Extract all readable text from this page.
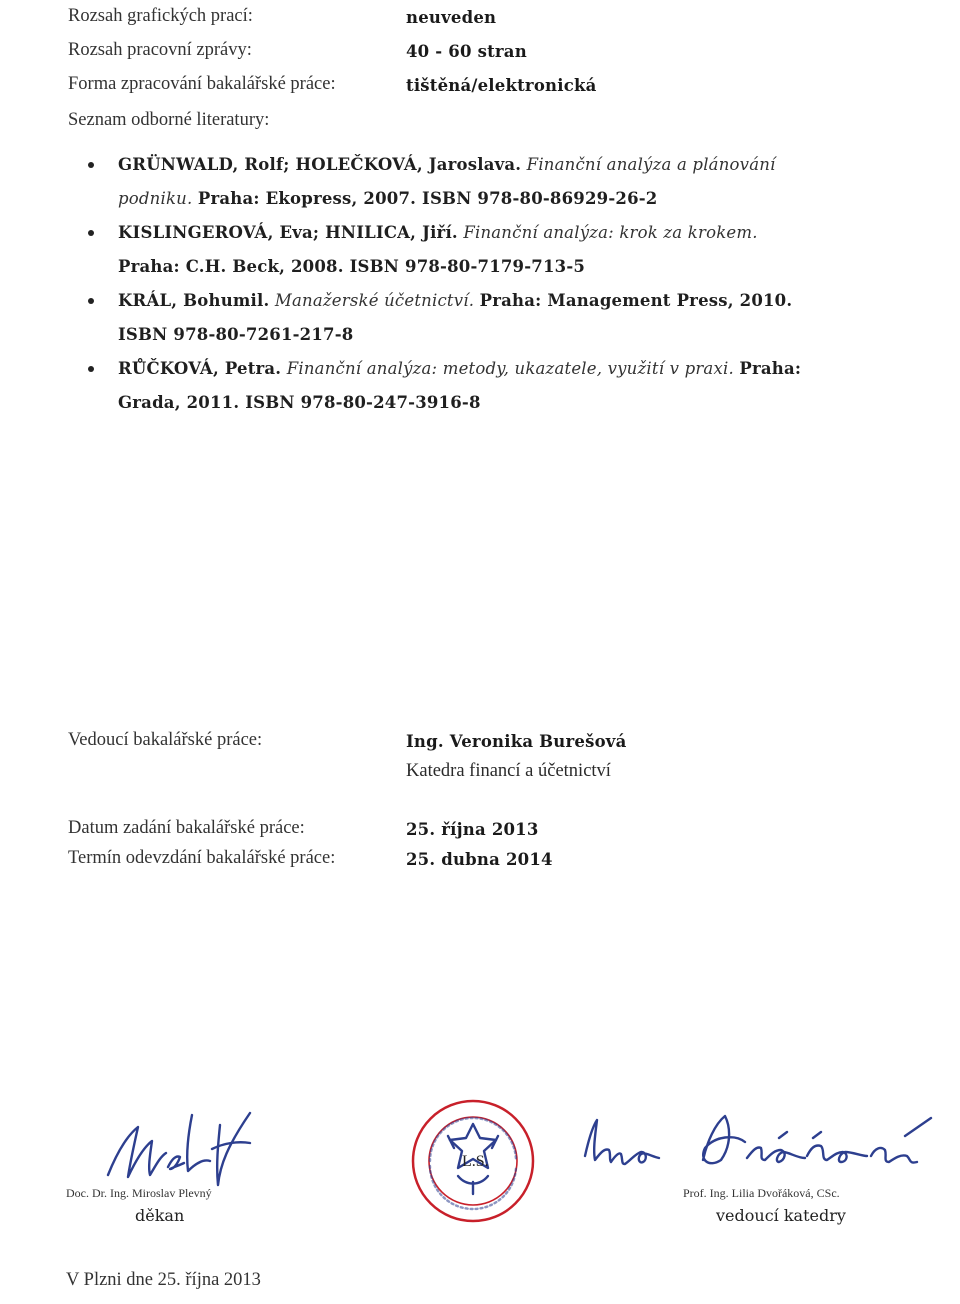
Rozsah grafických prací:	neuveden
Rozsah pracovní zprávy:	40 - 60 stran
Forma zpracování bakalářské práce:	tištěná/elektronická
Seznam odborné literatury:
GRÜNWALD, Rolf; HOLEČKOVÁ, Jaroslava. Finanční analýza a plánování
podniku. Praha: Ekopress, 2007. ISBN 978-80-86929-26-2
KISLINGEROVÁ, Eva; HNILICA, Jiří. Finanční analýza: krok za krokem.
Praha: C.H. Beck, 2008. ISBN 978-80-7179-713-5
KRÁL, Bohumil. Manažerské účetnictví. Praha: Management Press, 2010.
ISBN 978-80-7261-217-8
RŮČKOVÁ, Petra. Finanční analýza: metody, ukazatele, využití v praxi. Praha:
Grada, 2011. ISBN 978-80-247-3916-8
Vedoucí bakalářské práce:	Ing. Veronika Burešová
Katedra financí a účetnictví
Datum zadání bakalářské práce:	25. října 2013
Termín odevzdání bakalářské práce:	25. dubna 2014
Doc. Dr. Ing. Miroslav Plevný
děkan
L.S.
Prof. Ing. Lilia Dvořáková, CSc.
vedoucí katedry
V Plzni dne 25. října 2013
